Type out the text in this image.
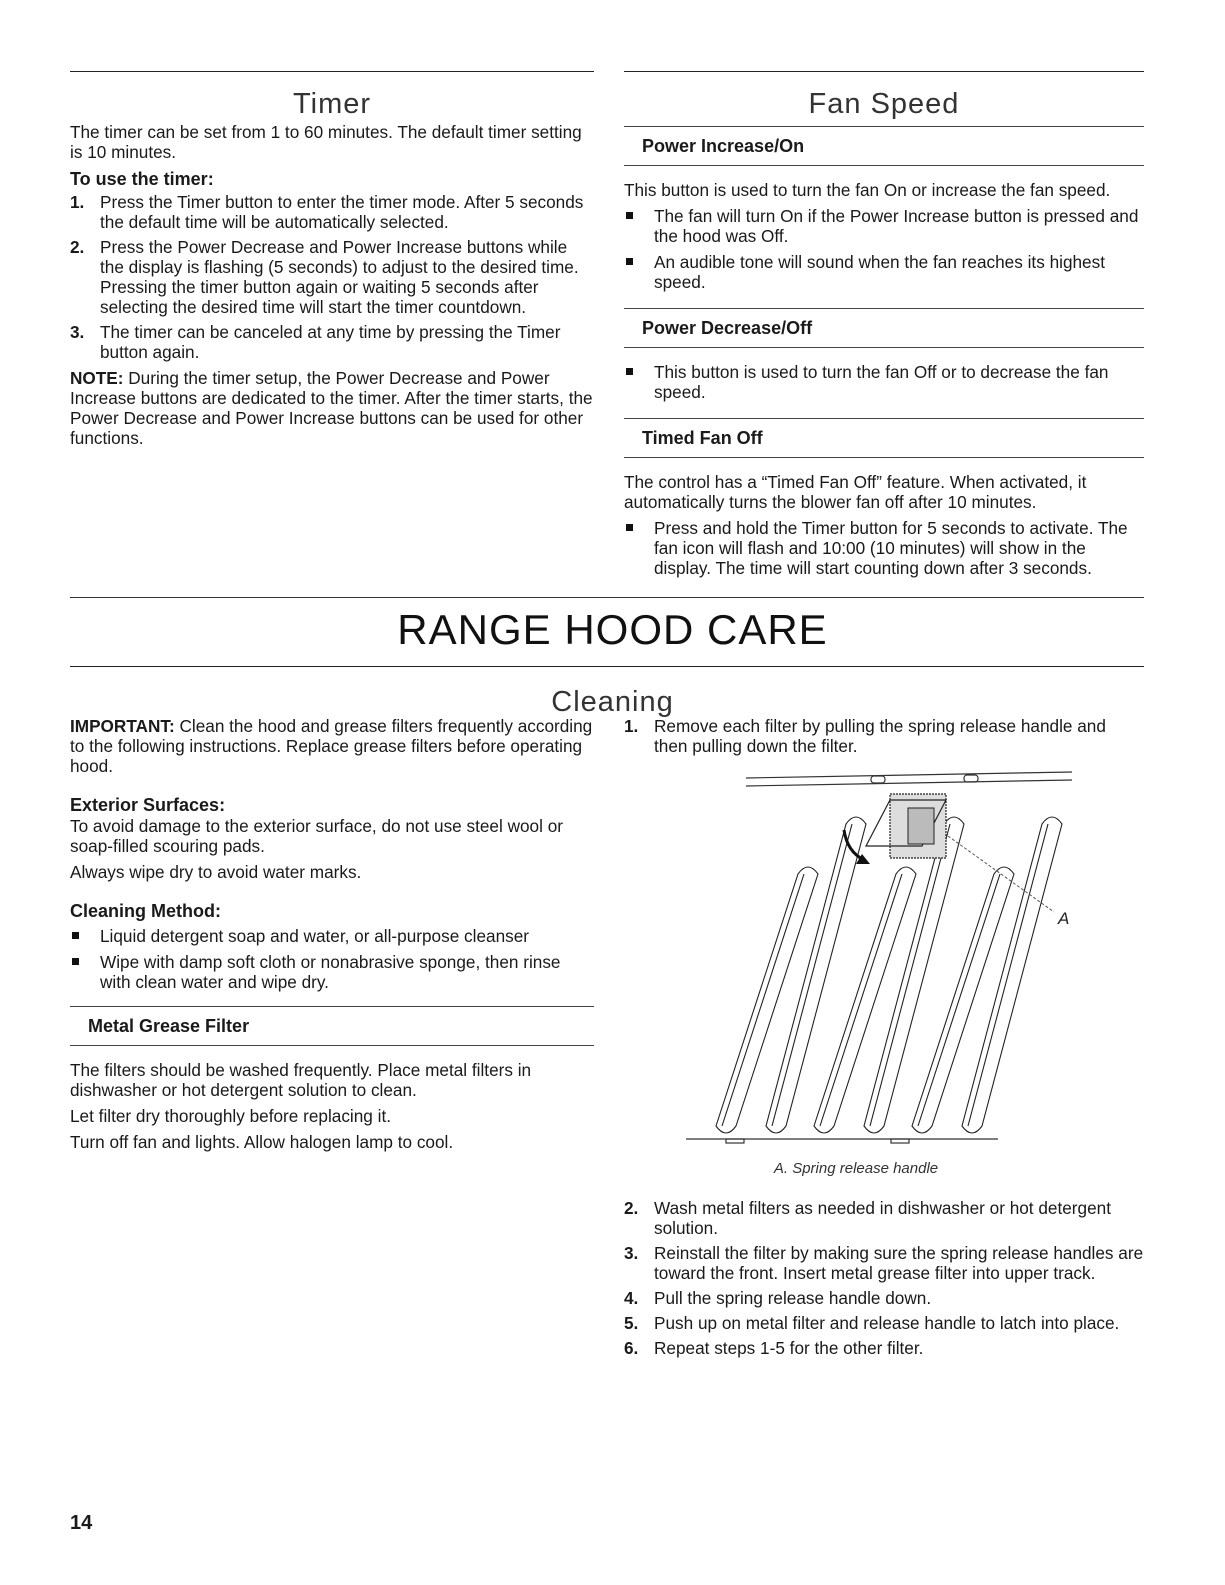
Timer

The timer can be set from 1 to 60 minutes. The default timer setting is 10 minutes.

To use the timer:
1. Press the Timer button to enter the timer mode. After 5 seconds the default time will be automatically selected.
2. Press the Power Decrease and Power Increase buttons while the display is flashing (5 seconds) to adjust to the desired time. Pressing the timer button again or waiting 5 seconds after selecting the desired time will start the timer countdown.
3. The timer can be canceled at any time by pressing the Timer button again.

NOTE: During the timer setup, the Power Decrease and Power Increase buttons are dedicated to the timer. After the timer starts, the Power Decrease and Power Increase buttons can be used for other functions.

Fan Speed
Power Increase/On

This button is used to turn the fan On or increase the fan speed.

The fan will turn On if the Power Increase button is pressed and the hood was Off.
An audible tone will sound when the fan reaches its highest speed.
Power Decrease/Off
This button is used to turn the fan Off or to decrease the fan speed.
Timed Fan Off

The control has a “Timed Fan Off” feature. When activated, it automatically turns the blower fan off after 10 minutes.

Press and hold the Timer button for 5 seconds to activate. The fan icon will flash and 10:00 (10 minutes) will show in the display. The time will start counting down after 3 seconds.
RANGE HOOD CARE
Cleaning

IMPORTANT: Clean the hood and grease filters frequently according to the following instructions. Replace grease filters before operating hood.

Exterior Surfaces:

To avoid damage to the exterior surface, do not use steel wool or soap-filled scouring pads.

Always wipe dry to avoid water marks.

Cleaning Method:
Liquid detergent soap and water, or all-purpose cleanser
Wipe with damp soft cloth or nonabrasive sponge, then rinse with clean water and wipe dry.
Metal Grease Filter

The filters should be washed frequently. Place metal filters in dishwasher or hot detergent solution to clean.

Let filter dry thoroughly before replacing it.

Turn off fan and lights. Allow halogen lamp to cool.

1. Remove each filter by pulling the spring release handle and then pulling down the filter.
A
A. Spring release handle
2. Wash metal filters as needed in dishwasher or hot detergent solution.
3. Reinstall the filter by making sure the spring release handles are toward the front. Insert metal grease filter into upper track.
4. Pull the spring release handle down.
5. Push up on metal filter and release handle to latch into place.
6. Repeat steps 1-5 for the other filter.
14
